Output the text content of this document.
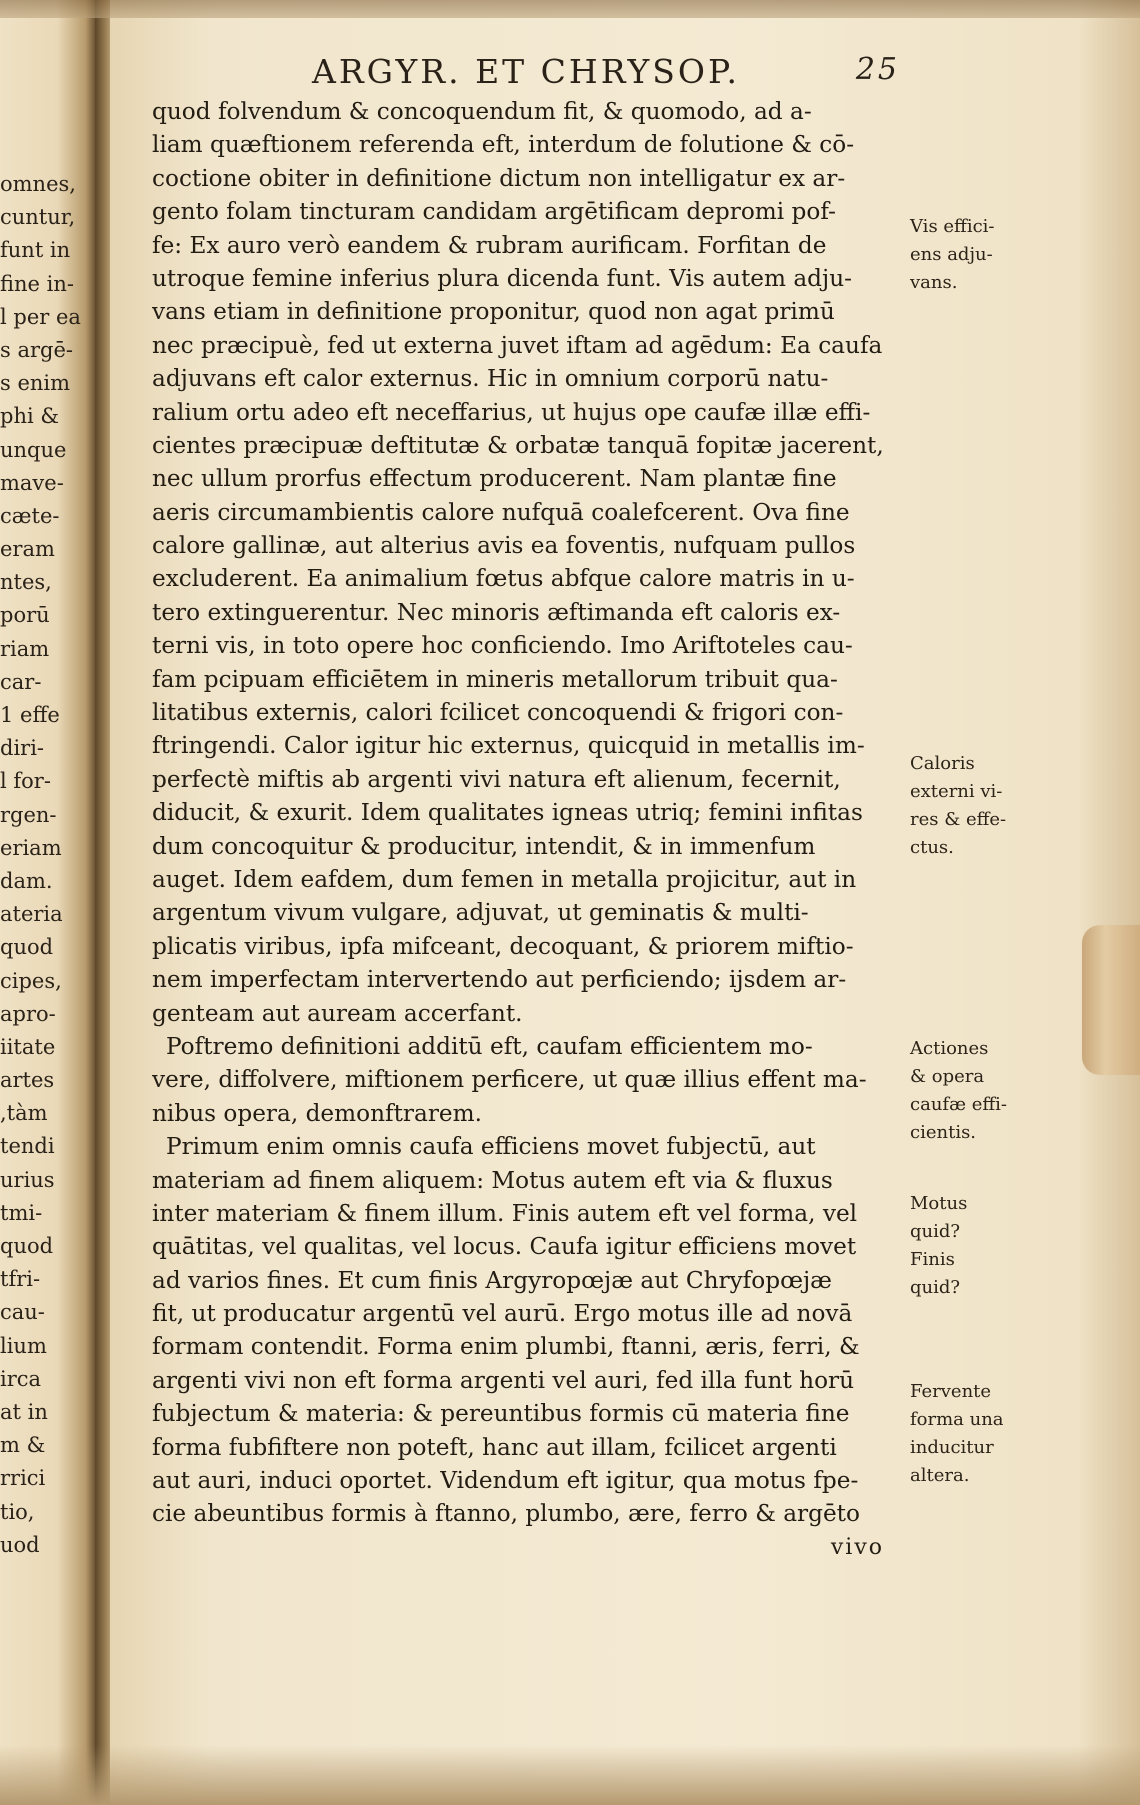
omnes,
cuntur,
funt in
fine in-
l per ea
s argē-
s enim
phi &
unque
mave-
cæte-
eram
ntes,
porū
riam
car-
1 effe
diri-
l for-
rgen-
eriam
dam.
ateria
quod
cipes,
apro-
iitate
artes
,tàm
tendi
urius
tmi-
quod
tfri-
cau-
lium
irca
at in
m &
rrici
tio,
uod
ARGYR. ET CHRYSOP.	25
quod folvendum & concoquendum fit, & quomodo, ad a-
liam quæftionem referenda eft, interdum de folutione & cō-
coctione obiter in definitione dictum non intelligatur ex ar-
gento folam tincturam candidam argētificam depromi pof-
fe: Ex auro verò eandem & rubram aurificam. Forfitan de
utroque femine inferius plura dicenda funt. Vis autem adju-
vans etiam in definitione proponitur, quod non agat primū
nec præcipuè, fed ut externa juvet iftam ad agēdum: Ea caufa
adjuvans eft calor externus. Hic in omnium corporū natu-
ralium ortu adeo eft neceffarius, ut hujus ope caufæ illæ effi-
cientes præcipuæ deftitutæ & orbatæ tanquā fopitæ jacerent,
nec ullum prorfus effectum producerent. Nam plantæ fine
aeris circumambientis calore nufquā coalefcerent. Ova fine
calore gallinæ, aut alterius avis ea foventis, nufquam pullos
excluderent. Ea animalium fœtus abfque calore matris in u-
tero extinguerentur. Nec minoris æftimanda eft caloris ex-
terni vis, in toto opere hoc conficiendo. Imo Ariftoteles cau-
fam pcipuam efficiētem in mineris metallorum tribuit qua-
litatibus externis, calori fcilicet concoquendi & frigori con-
ftringendi. Calor igitur hic externus, quicquid in metallis im-
perfectè miftis ab argenti vivi natura eft alienum, fecernit,
diducit, & exurit. Idem qualitates igneas utriq; femini infitas
dum concoquitur & producitur, intendit, & in immenfum
auget. Idem eafdem, dum femen in metalla projicitur, aut in
argentum vivum vulgare, adjuvat, ut geminatis & multi-
plicatis viribus, ipfa mifceant, decoquant, & priorem miftio-
nem imperfectam intervertendo aut perficiendo; ijsdem ar-
genteam aut auream accerfant.
Poftremo definitioni additū eft, caufam efficientem mo-
vere, diffolvere, miftionem perficere, ut quæ illius effent ma-
nibus opera, demonftrarem.
Primum enim omnis caufa efficiens movet fubjectū, aut
materiam ad finem aliquem: Motus autem eft via & fluxus
inter materiam & finem illum. Finis autem eft vel forma, vel
quātitas, vel qualitas, vel locus. Caufa igitur efficiens movet
ad varios fines. Et cum finis Argyropœjæ aut Chryfopœjæ
fit, ut producatur argentū vel aurū. Ergo motus ille ad novā
formam contendit. Forma enim plumbi, ftanni, æris, ferri, &
argenti vivi non eft forma argenti vel auri, fed illa funt horū
fubjectum & materia: & pereuntibus formis cū materia fine
forma fubfiftere non poteft, hanc aut illam, fcilicet argenti
aut auri, induci oportet. Videndum eft igitur, qua motus fpe-
cie abeuntibus formis à ftanno, plumbo, ære, ferro & argēto
vivo
Vis effici-
ens adju-
vans.
Caloris
externi vi-
res & effe-
ctus.
Actiones
& opera
caufæ effi-
cientis.
Motus
quid?
Finis
quid?
Fervente
forma una
inducitur
altera.
